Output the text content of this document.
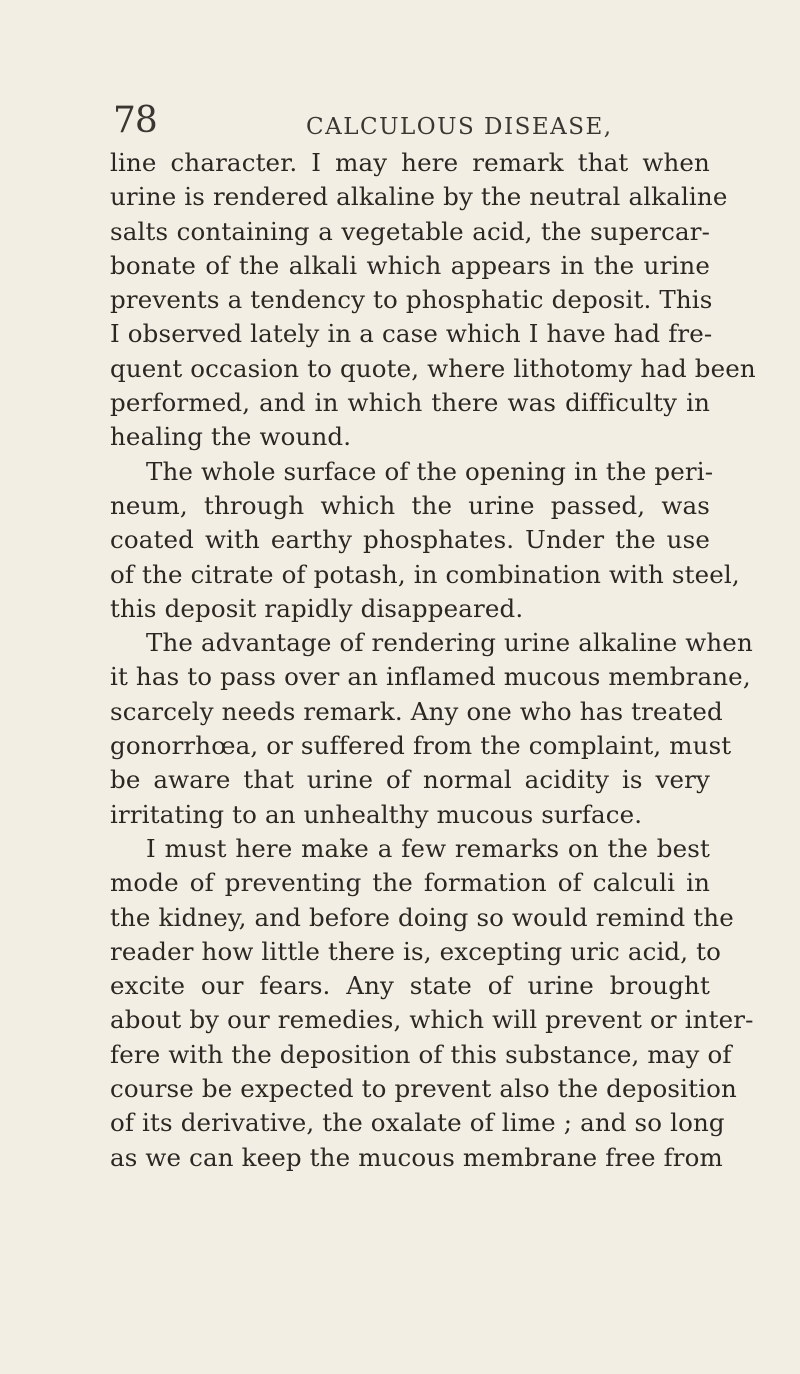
78	CALCULOUS DISEASE,
line character. I may here remark that when
urine is rendered alkaline by the neutral alkaline
salts containing a vegetable acid, the supercar-
bonate of the alkali which appears in the urine
prevents a tendency to phosphatic deposit. This
I observed lately in a case which I have had fre-
quent occasion to quote, where lithotomy had been
performed, and in which there was difficulty in
healing the wound.
The whole surface of the opening in the peri-
neum, through which the urine passed, was
coated with earthy phosphates. Under the use
of the citrate of potash, in combination with steel,
this deposit rapidly disappeared.
The advantage of rendering urine alkaline when
it has to pass over an inflamed mucous membrane,
scarcely needs remark. Any one who has treated
gonorrhœa, or suffered from the complaint, must
be aware that urine of normal acidity is very
irritating to an unhealthy mucous surface.
I must here make a few remarks on the best
mode of preventing the formation of calculi in
the kidney, and before doing so would remind the
reader how little there is, excepting uric acid, to
excite our fears. Any state of urine brought
about by our remedies, which will prevent or inter-
fere with the deposition of this substance, may of
course be expected to prevent also the deposition
of its derivative, the oxalate of lime ; and so long
as we can keep the mucous membrane free from
